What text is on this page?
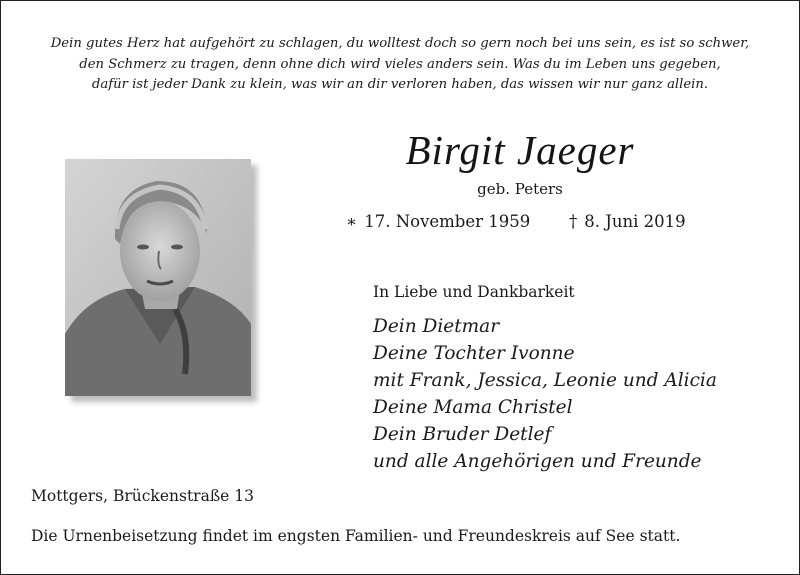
Dein gutes Herz hat aufgehört zu schlagen, du wolltest doch so gern noch bei uns sein, es ist so schwer,
den Schmerz zu tragen, denn ohne dich wird vieles anders sein. Was du im Leben uns gegeben,
dafür ist jeder Dank zu klein, was wir an dir verloren haben, das wissen wir nur ganz allein.
Birgit Jaeger
geb. Peters
∗ 17. November 1959 † 8. Juni 2019
In Liebe und Dankbarkeit
Dein Dietmar
Deine Tochter Ivonne
mit Frank, Jessica, Leonie und Alicia
Deine Mama Christel
Dein Bruder Detlef
und alle Angehörigen und Freunde
Mottgers, Brückenstraße 13
Die Urnenbeisetzung findet im engsten Familien- und Freundeskreis auf See statt.
